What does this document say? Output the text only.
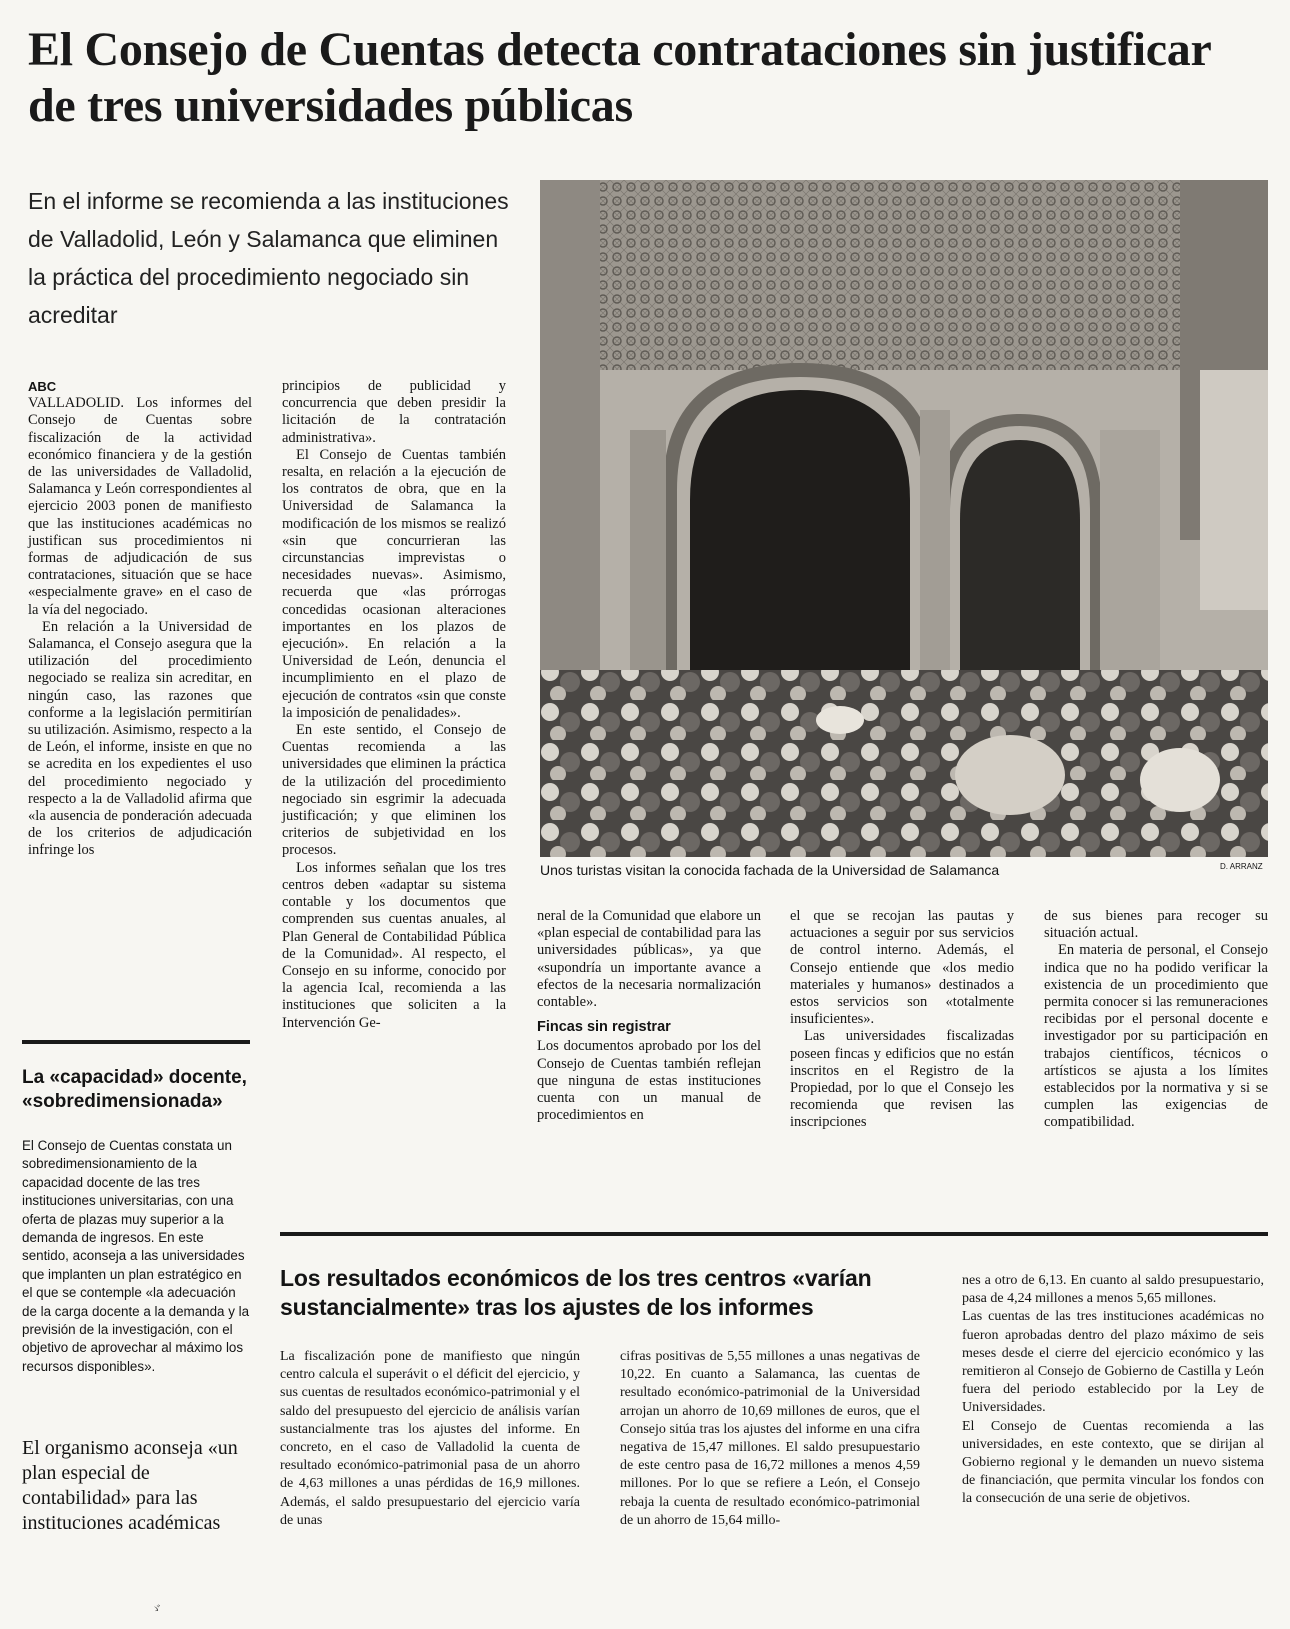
El Consejo de Cuentas detecta contrataciones sin justificar de tres universidades públicas
En el informe se recomienda a las instituciones de Valladolid, León y Salamanca que eliminen la práctica del procedimiento negociado sin acreditar
Unos turistas visitan la conocida fachada de la Universidad de Salamanca	D. ARRANZ
ABC

VALLADOLID. Los informes del Consejo de Cuentas sobre fiscalización de la actividad económico financiera y de la gestión de las universidades de Valladolid, Salamanca y León correspondientes al ejercicio 2003 ponen de manifiesto que las instituciones académicas no justifican sus procedimientos ni formas de adjudicación de sus contrataciones, situación que se hace «especialmente grave» en el caso de la vía del negociado.

En relación a la Universidad de Salamanca, el Consejo asegura que la utilización del procedimiento negociado se realiza sin acreditar, en ningún caso, las razones que conforme a la legislación permitirían su utilización. Asimismo, respecto a la de León, el informe, insiste en que no se acredita en los expedientes el uso del procedimiento negociado y respecto a la de Valladolid afirma que «la ausencia de ponderación adecuada de los criterios de adjudicación infringe los

principios de publicidad y concurrencia que deben presidir la licitación de la contratación administrativa».

El Consejo de Cuentas también resalta, en relación a la ejecución de los contratos de obra, que en la Universidad de Salamanca la modificación de los mismos se realizó «sin que concurrieran las circunstancias imprevistas o necesidades nuevas». Asimismo, recuerda que «las prórrogas concedidas ocasionan alteraciones importantes en los plazos de ejecución». En relación a la Universidad de León, denuncia el incumplimiento en el plazo de ejecución de contratos «sin que conste la imposición de penalidades».

En este sentido, el Consejo de Cuentas recomienda a las universidades que eliminen la práctica de la utilización del procedimiento negociado sin esgrimir la adecuada justificación; y que eliminen los criterios de subjetividad en los procesos.

Los informes señalan que los tres centros deben «adaptar su sistema contable y los documentos que comprenden sus cuentas anuales, al Plan General de Contabilidad Pública de la Comunidad». Al respecto, el Consejo en su informe, conocido por la agencia Ical, recomienda a las instituciones que soliciten a la Intervención Ge-

neral de la Comunidad que elabore un «plan especial de contabilidad para las universidades públicas», ya que «supondría un importante avance a efectos de la necesaria normalización contable».

Fincas sin registrar

Los documentos aprobado por los del Consejo de Cuentas también reflejan que ninguna de estas instituciones cuenta con un manual de procedimientos en

el que se recojan las pautas y actuaciones a seguir por sus servicios de control interno. Además, el Consejo entiende que «los medio materiales y humanos» destinados a estos servicios son «totalmente insuficientes».

Las universidades fiscalizadas poseen fincas y edificios que no están inscritos en el Registro de la Propiedad, por lo que el Consejo les recomienda que revisen las inscripciones

de sus bienes para recoger su situación actual.

En materia de personal, el Consejo indica que no ha podido verificar la existencia de un procedimiento que permita conocer si las remuneraciones recibidas por el personal docente e investigador por su participación en trabajos científicos, técnicos o artísticos se ajusta a los límites establecidos por la normativa y si se cumplen las exigencias de compatibilidad.

La «capacidad» docente, «sobredimensionada»
El Consejo de Cuentas constata un sobredimensionamiento de la capacidad docente de las tres instituciones universitarias, con una oferta de plazas muy superior a la demanda de ingresos. En este sentido, aconseja a las universidades que implanten un plan estratégico en el que se contemple «la adecuación de la carga docente a la demanda y la previsión de la investigación, con el objetivo de aprovechar al máximo los recursos disponibles».
El organismo aconseja «un plan especial de contabilidad» para las instituciones académicas
Los resultados económicos de los tres centros «varían sustancialmente» tras los ajustes de los informes

La fiscalización pone de manifiesto que ningún centro calcula el superávit o el déficit del ejercicio, y sus cuentas de resultados económico-patrimonial y el saldo del presupuesto del ejercicio de análisis varían sustancialmente tras los ajustes del informe. En concreto, en el caso de Valladolid la cuenta de resultado económico-patrimonial pasa de un ahorro de 4,63 millones a unas pérdidas de 16,9 millones. Además, el saldo presupuestario del ejercicio varía de unas

cifras positivas de 5,55 millones a unas negativas de 10,22. En cuanto a Salamanca, las cuentas de resultado económico-patrimonial de la Universidad arrojan un ahorro de 10,69 millones de euros, que el Consejo sitúa tras los ajustes del informe en una cifra negativa de 15,47 millones. El saldo presupuestario de este centro pasa de 16,72 millones a menos 4,59 millones. Por lo que se refiere a León, el Consejo rebaja la cuenta de resultado económico-patrimonial de un ahorro de 15,64 millo-

nes a otro de 6,13. En cuanto al saldo presupuestario, pasa de 4,24 millones a menos 5,65 millones.

Las cuentas de las tres instituciones académicas no fueron aprobadas dentro del plazo máximo de seis meses desde el cierre del ejercicio económico y las remitieron al Consejo de Gobierno de Castilla y León fuera del periodo establecido por la Ley de Universidades.

El Consejo de Cuentas recomienda a las universidades, en este contexto, que se dirijan al Gobierno regional y le demanden un nuevo sistema de financiación, que permita vincular los fondos con la consecución de una serie de objetivos.

ゞ
